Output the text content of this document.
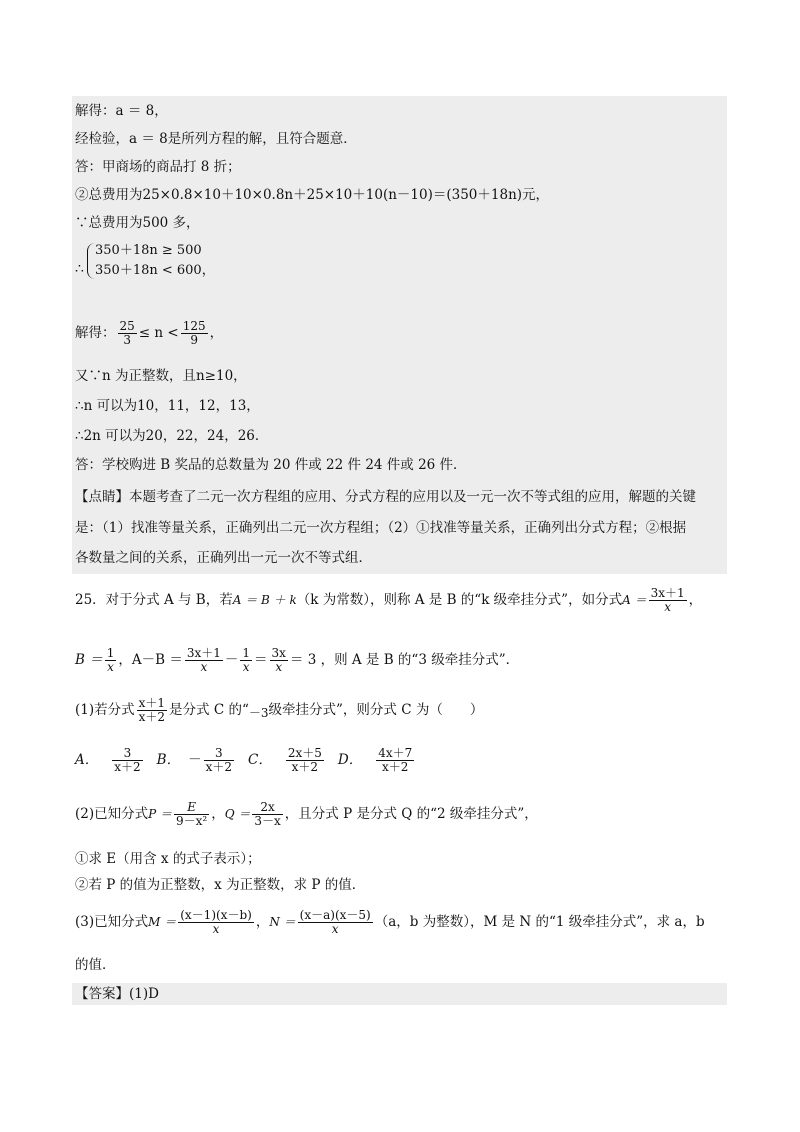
解得：a ＝ 8，
经检验，a ＝ 8是所列方程的解，且符合题意．
答：甲商场的商品打 8 折；
②总费用为25×0.8×10＋10×0.8n＋25×10＋10(n－10)＝(350＋18n)元，
∵总费用为500 多，
∴
350＋18n ≥ 500
350＋18n < 600，
解得： $\frac{25}{3} \le n < \frac{125}{9}$ ，
又∵n 为正整数，且n≥10，
∴n 可以为10，11，12，13，
∴2n 可以为20，22，24，26．
答：学校购进 B 奖品的总数量为 20 件或 22 件 24 件或 26 件．
【点睛】本题考查了二元一次方程组的应用、分式方程的应用以及一元一次不等式组的应用，解题的关键
是：（1）找准等量关系，正确列出二元一次方程组；（2）①找准等量关系，正确列出分式方程；②根据
各数量之间的关系，正确列出一元一次不等式组．
25．对于分式 A 与 B，若A ＝ B ＋ k（k 为常数），则称 A 是 B 的“k 级牵挂分式”，如分式$A = \frac{3x+1}{x}$ ，
$B = \frac{1}{x}$ ，$A-B = \frac{3x+1}{x} - \frac{1}{x} = \frac{3x}{x} = 3$ ，则 A 是 B 的“3 级牵挂分式”．
(1)若分式 $\frac{x+1}{x+2}$ 是分式 C 的“－3级牵挂分式”，则分式 C 为（　　）
A． $\frac{3}{x+2}$ B． － $\frac{3}{x+2}$ C． $\frac{2x+5}{x+2}$ D． $\frac{4x+7}{x+2}$
(2)已知分式$P = \frac{E}{\text{9－x²}}$ ，$Q = \frac{2x}{3-x}$ ，且分式 P 是分式 Q 的“2 级牵挂分式”，
①求 E（用含 x 的式子表示）；
②若 P 的值为正整数，x 为正整数，求 P 的值．
(3)已知分式$M = \frac{(x-1)(x-b)}{x}$ ，$N = \frac{(x-a)(x-5)}{x} (a$，b 为整数），M 是 N 的“1 级牵挂分式”，求 a，b
的值．
【答案】(1)D
